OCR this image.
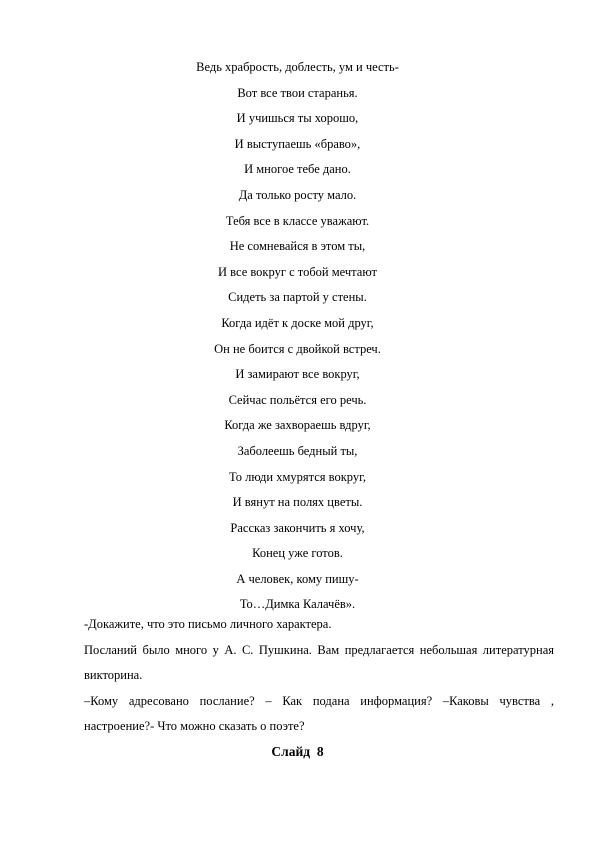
Ведь храбрость, доблесть, ум и честь-
Вот все твои старанья.
И учишься ты хорошо,
И выступаешь «браво»,
И многое тебе дано.
Да только росту мало.
Тебя все в классе уважают.
Не сомневайся в этом ты,
И все вокруг с тобой мечтают
Сидеть за партой у стены.
Когда идёт к доске мой друг,
Он не боится с двойкой встреч.
И замирают все вокруг,
Сейчас польётся его речь.
Когда же захвораешь вдруг,
Заболеешь бедный ты,
То люди хмурятся вокруг,
И вянут на полях цветы.
Рассказ закончить я хочу,
Конец уже готов.
А человек, кому пишу-
То…Димка Калачёв».

-Докажите, что это письмо личного характера.

Посланий было много у А. С. Пушкина. Вам предлагается небольшая литературная викторина.

–Кому адресовано послание? – Как подана информация? –Каковы чувства , настроение?- Что можно сказать о поэте?

Слайд  8
